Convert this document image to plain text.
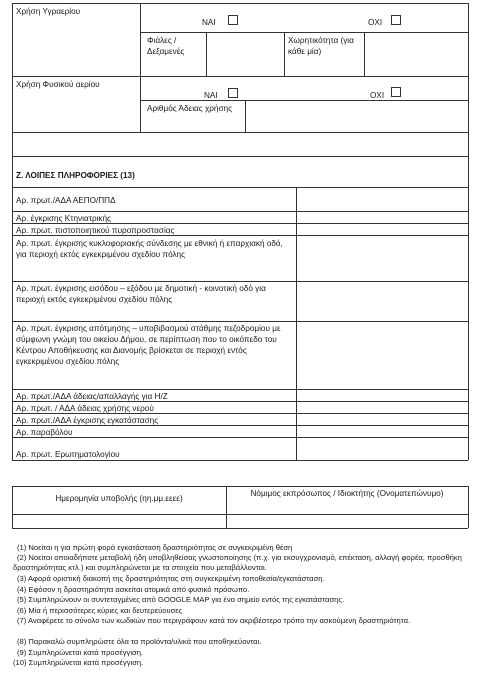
Χρήση Υγραερίου
ΝΑΙ	ΟΧΙ
Φιάλες / Δεξαμενές
Χωρητικότητα (για κάθε μία)
Χρήση Φυσικού αερίου
ΝΑΙ	ΟΧΙ
Αριθμός Άδειας χρήσης
Ζ. ΛΟΙΠΕΣ ΠΛΗΡΟΦΟΡΙΕΣ (13)
Αρ. πρωτ./ΑΔΑ ΑΕΠΟ/ΠΠΔ
Αρ. έγκρισης Κτηνιατρικής
Αρ. πρωτ. πιστοποιητικού πυροπροστασίας
Αρ. πρωτ. έγκρισης κυκλοφοριακής σύνδεσης με εθνική ή επαρχιακή οδό, για περιοχή εκτός εγκεκριμένου σχεδίου πόλης
Αρ. πρωτ. έγκρισης εισόδου – εξόδου με δημοτική - κοινοτική οδό για περιοχή εκτός εγκεκριμένου σχεδίου πόλης
Αρ. πρωτ. έγκρισης απότμησης – υποβιβασμού στάθμης πεζοδρομίου με σύμφωνη γνώμη του οικείου Δήμου, σε περίπτωση που το οικόπεδο του Κέντρου Αποθήκευσης και Διανομής βρίσκεται σε περιοχή εντός εγκεκριμένου σχεδίου πόλης
Αρ. πρωτ./ΑΔΑ άδειας/απαλλαγής για Η/Ζ
Αρ. πρωτ. / ΑΔΑ άδειας χρήσης νερού
Αρ. πρωτ./ΑΔΑ έγκρισης εγκατάστασης
Αρ. παραβόλου
Αρ. πρωτ. Ερωτηματολογίου
Ημερομηνία υποβολής (ηη.μμ.εεεε)
Νόμιμος εκπρόσωπος / Ιδιοκτήτης (Ονοματεπώνυμο)
(1) Νοείται η για πρώτη φορά εγκατάσταση δραστηριότητας σε συγκεκριμένη θέση
(2) Νοείται οποιαδήποτε μεταβολή ήδη υποβληθείσας γνωστοποίησης (π.χ. για εκσυγχρονισμό, επέκταση, αλλαγή φορέα, προσθήκη δραστηριότητας κτλ.) και συμπληρώνεται με τα στοιχεία που μεταβάλλονται.
(3) Αφορά οριστική διακοπή της δραστηριότητας στη συγκεκριμένη τοποθεσία/εγκατάσταση.
(4) Εφόσον η δραστηριότητα ασκείται ατομικά από φυσικό πρόσωπο.
(5) Συμπληρώνουν οι συντεταγμένες από GOOGLE MAP για ένα σημείο εντός της εγκατάστασης.
(6) Μία ή περισσότερες κύριες και δευτερεύουσες
(7) Αναφέρετε το σύνολο των κωδικών που περιγράφουν κατά τον ακριβέστερο τρόπο την ασκούμενη δραστηριότητα.
(8) Παρακαλώ συμπληρώστε όλα τα προϊόντα/υλικά που αποθηκεύονται.
(9) Συμπληρώνεται κατά προσέγγιση.
(10) Συμπληρώνεται κατά προσέγγιση.
